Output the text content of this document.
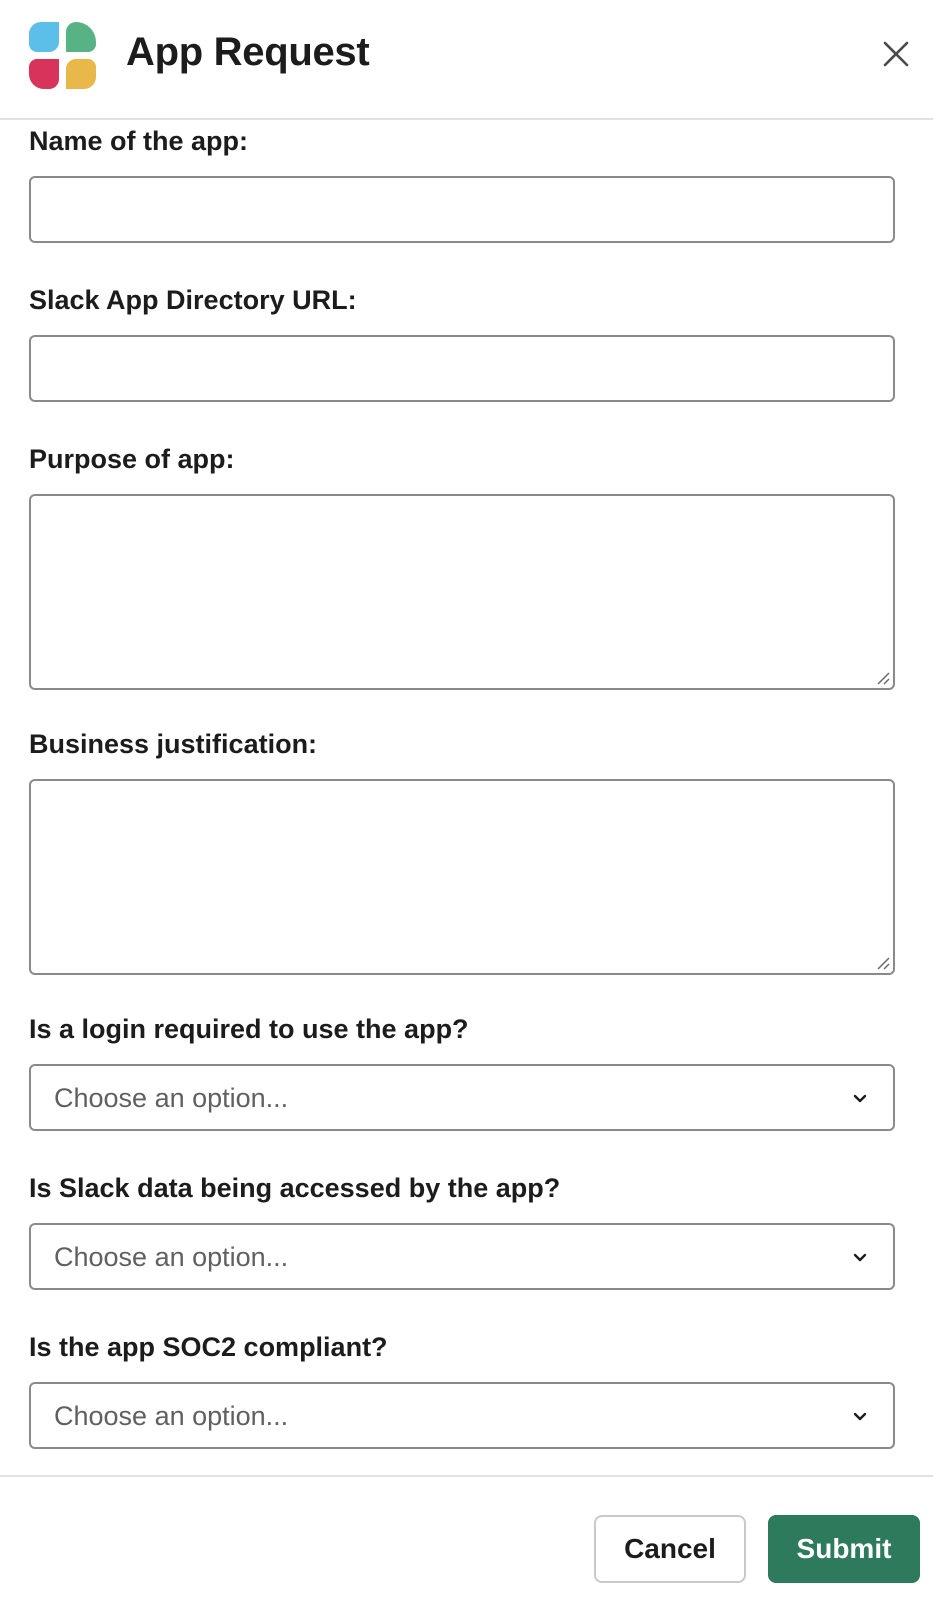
App Request
Name of the app:
Slack App Directory URL:
Purpose of app:
Business justification:
Is a login required to use the app?
Choose an option...
Is Slack data being accessed by the app?
Choose an option...
Is the app SOC2 compliant?
Choose an option...
Cancel	Submit
